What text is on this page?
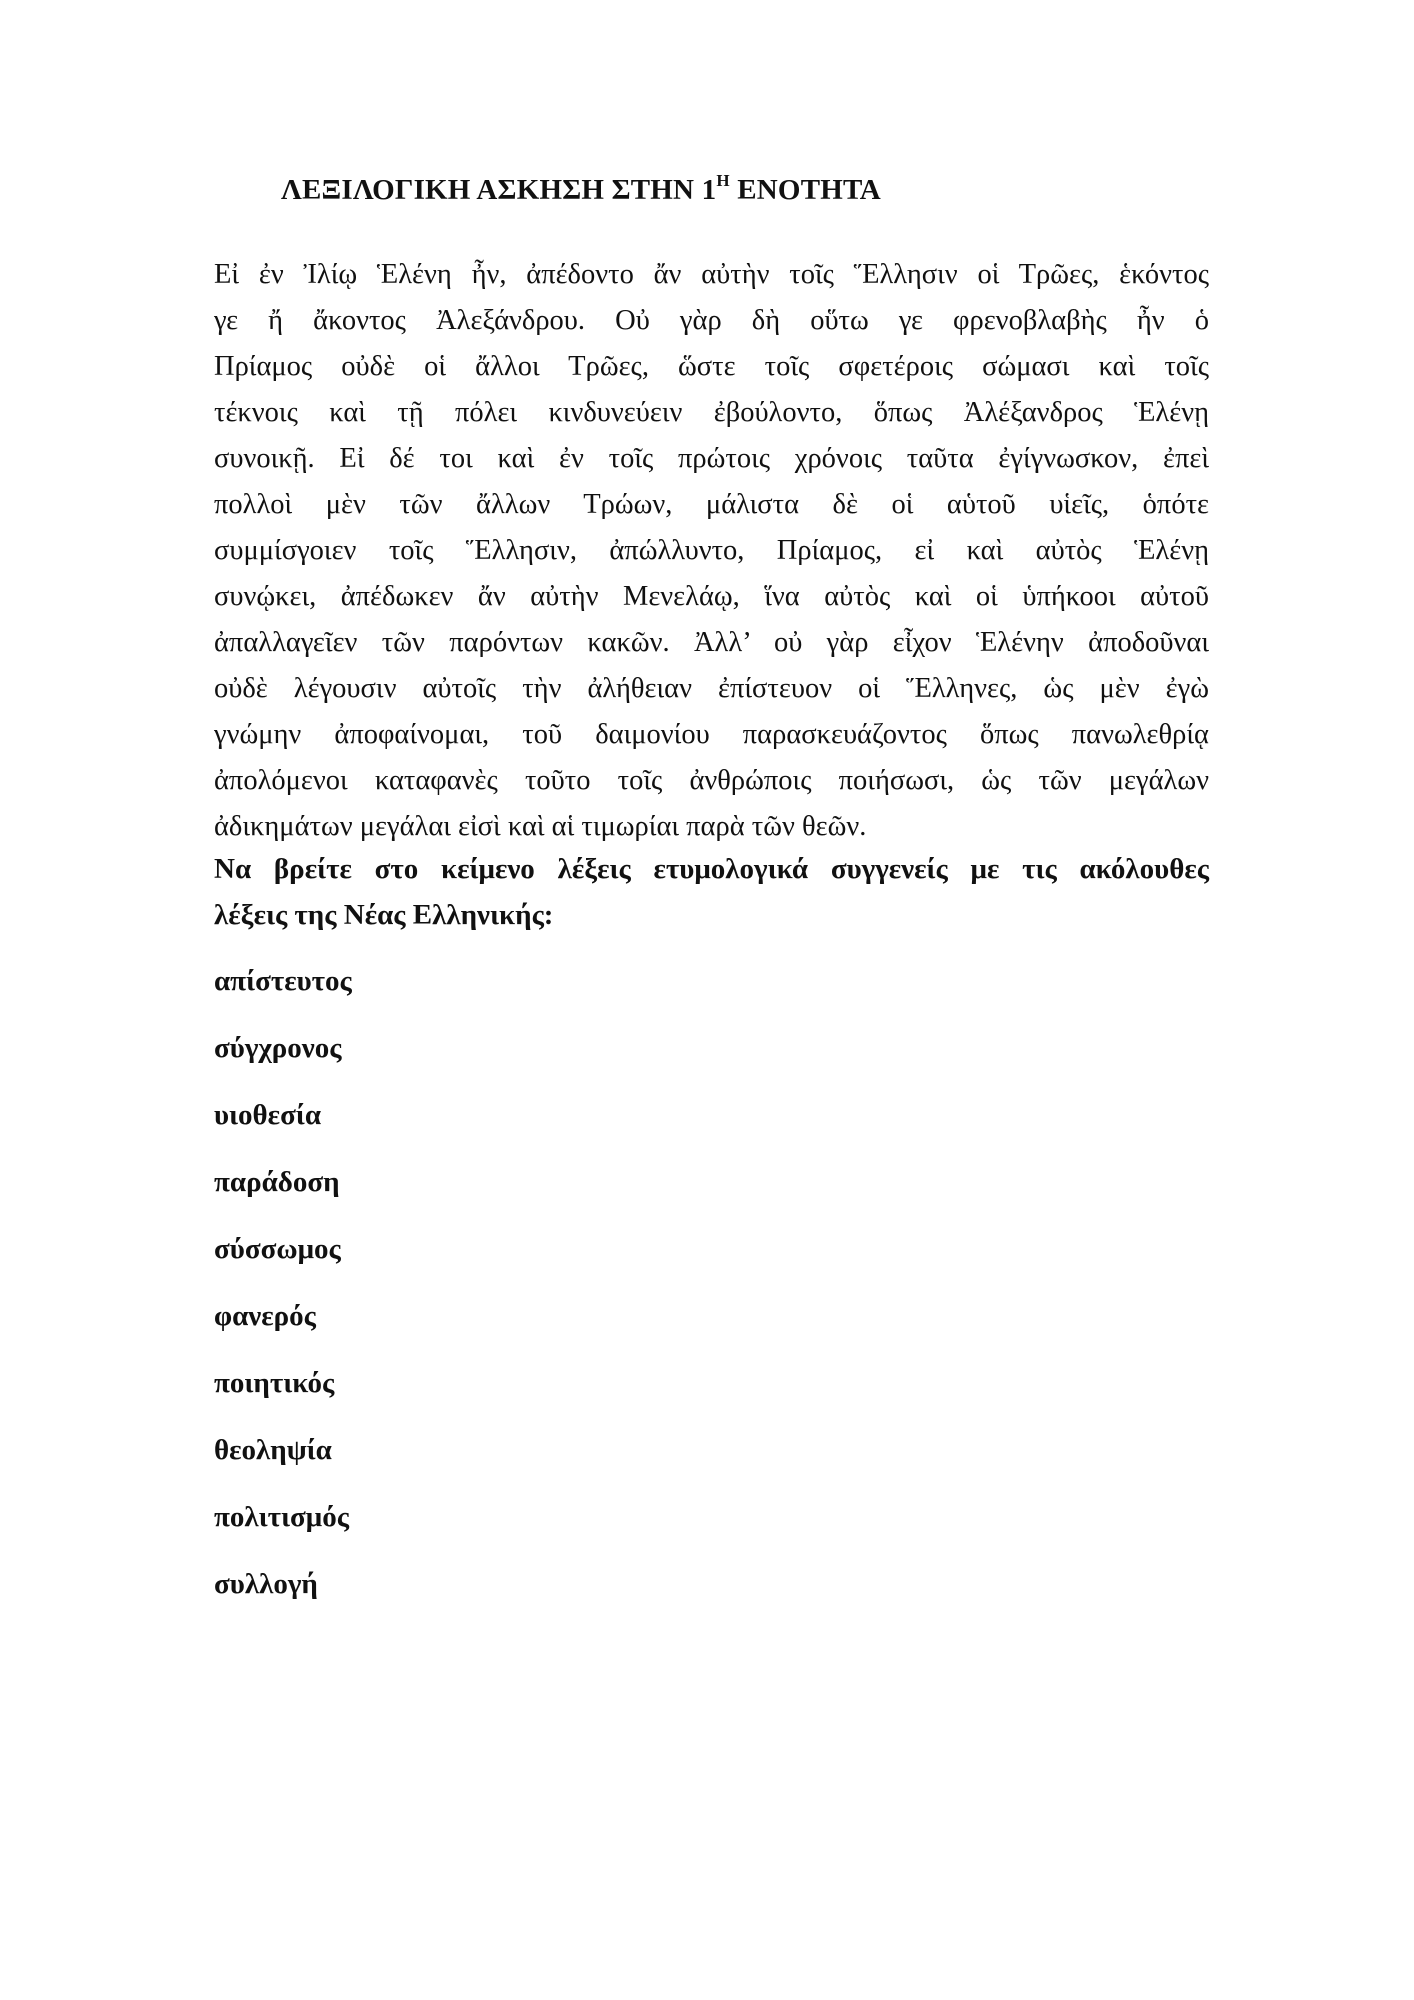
ΛΕΞΙΛΟΓΙΚΗ ΑΣΚΗΣΗ ΣΤΗΝ $1^H$ ΕΝΟΤΗΤΑ
Εἰ ἐν Ἰλίῳ Ἑλένη ἦν, ἀπέδοντο ἄν αὐτὴν τοῖς Ἕλλησιν οἱ Τρῶες, ἑκόντος
γε ἤ ἄκοντος Ἀλεξάνδρου. Οὐ γὰρ δὴ οὕτω γε φρενοβλαβὴς ἦν ὁ
Πρίαμος οὐδὲ οἱ ἄλλοι Τρῶες, ὥστε τοῖς σφετέροις σώμασι καὶ τοῖς
τέκνοις καὶ τῇ πόλει κινδυνεύειν ἐβούλοντο, ὅπως Ἀλέξανδρος Ἑλένῃ
συνοικῇ. Εἰ δέ τοι καὶ ἐν τοῖς πρώτοις χρόνοις ταῦτα ἐγίγνωσκον, ἐπεὶ
πολλοὶ μὲν τῶν ἄλλων Τρώων, μάλιστα δὲ οἱ αὑτοῦ υἱεῖς, ὁπότε
συμμίσγοιεν τοῖς Ἕλλησιν, ἀπώλλυντο, Πρίαμος, εἰ καὶ αὐτὸς Ἑλένῃ
συνῴκει, ἀπέδωκεν ἄν αὐτὴν Μενελάῳ, ἵνα αὐτὸς καὶ οἱ ὑπήκοοι αὐτοῦ
ἀπαλλαγεῖεν τῶν παρόντων κακῶν. Ἀλλ’ οὐ γὰρ εἶχον Ἑλένην ἀποδοῦναι
οὐδὲ λέγουσιν αὐτοῖς τὴν ἀλήθειαν ἐπίστευον οἱ Ἕλληνες, ὡς μὲν ἐγὼ
γνώμην ἀποφαίνομαι, τοῦ δαιμονίου παρασκευάζοντος ὅπως πανωλεθρίᾳ
ἀπολόμενοι καταφανὲς τοῦτο τοῖς ἀνθρώποις ποιήσωσι, ὡς τῶν μεγάλων
ἀδικημάτων μεγάλαι εἰσὶ καὶ αἱ τιμωρίαι παρὰ τῶν θεῶν.
Να βρείτε στο κείμενο λέξεις ετυμολογικά συγγενείς με τις ακόλουθες
λέξεις της Νέας Ελληνικής:
απίστευτος
σύγχρονος
υιοθεσία
παράδοση
σύσσωμος
φανερός
ποιητικός
θεοληψία
πολιτισμός
συλλογή
